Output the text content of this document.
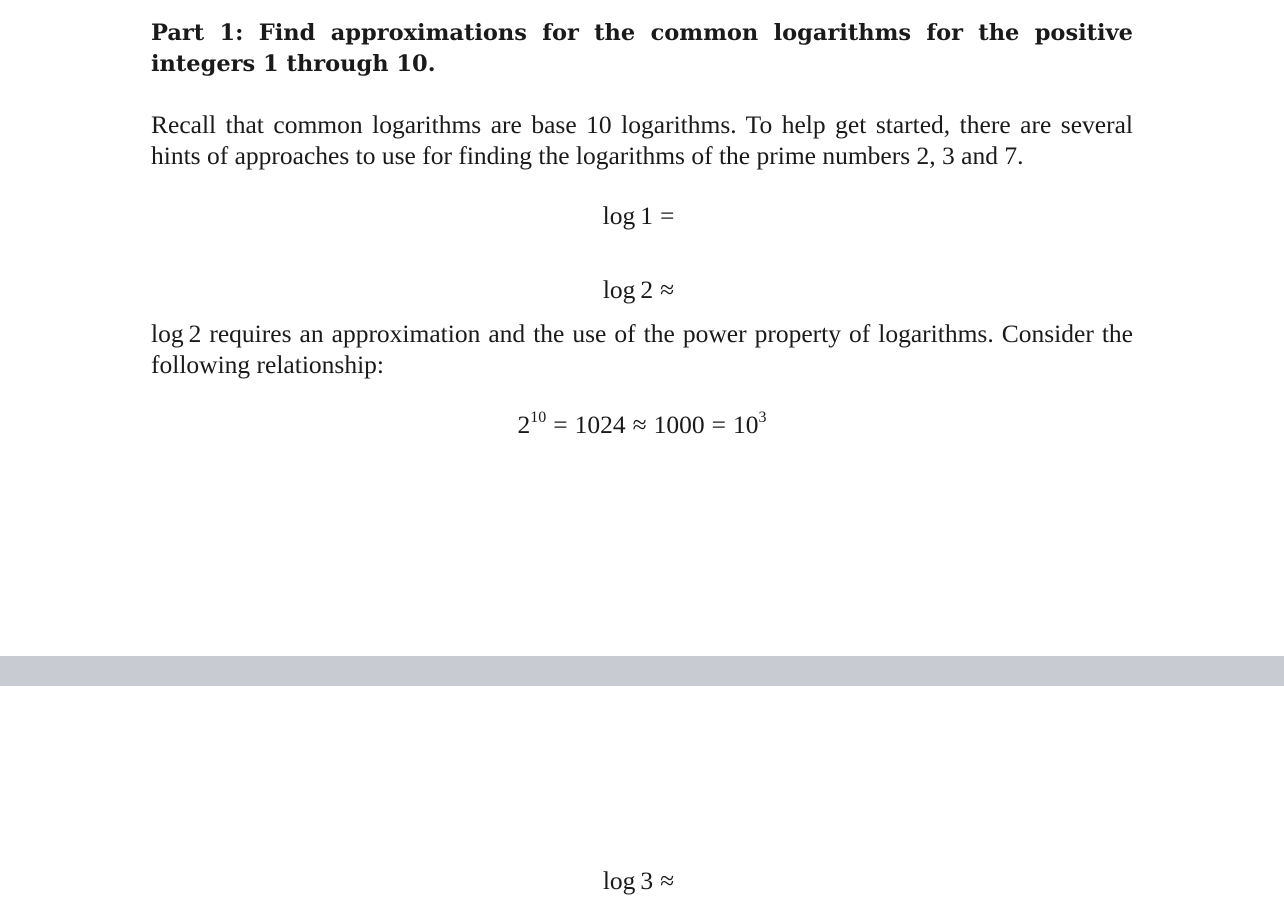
Part 1: Find approximations for the common logarithms for the positive integers 1 through 10.

Recall that common logarithms are base 10 logarithms. To help get started, there are several hints of approaches to use for finding the logarithms of the prime numbers 2, 3 and 7.

log 1 =

log 2 ≈

log 2 requires an approximation and the use of the power property of logarithms. Consider the following relationship:

$2^{10} = 1024 \approx 1000 = 10^3$

log 3 ≈
